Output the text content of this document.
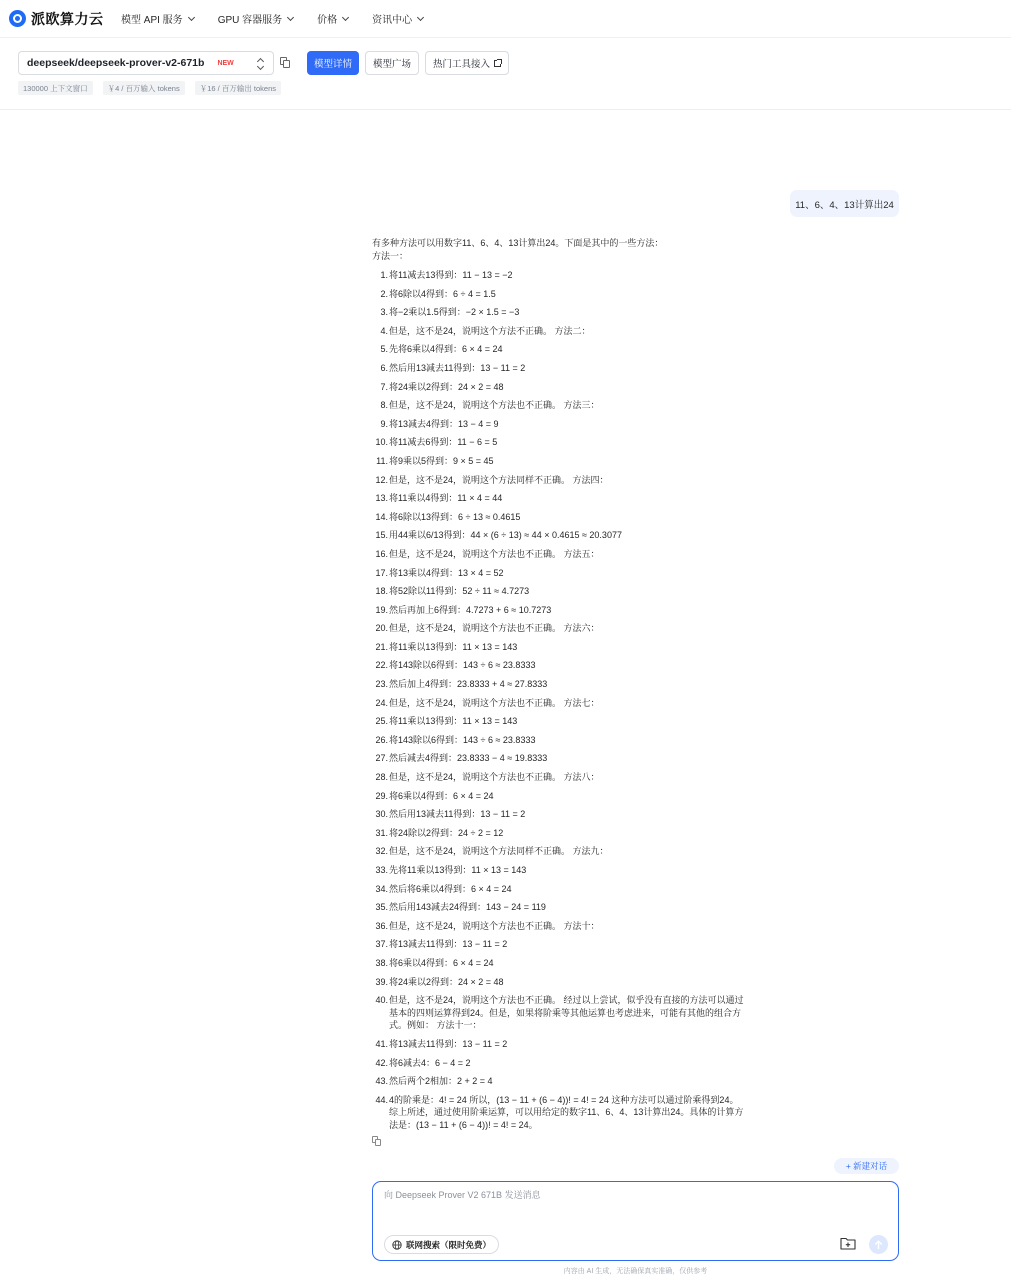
派欧算力云 模型 API 服务	GPU 容器服务	价格	资讯中心
deepseek/deepseek-prover-v2-671b NEW	模型详情	模型广场	热门工具接入
130000 上下文窗口	￥4 / 百万输入 tokens	￥16 / 百万输出 tokens
11、6、4、13计算出24
有多种方法可以用数字11、6、4、13计算出24。下面是其中的一些方法：
方法一：
1 . 将11减去13得到：11 − 13 = −2
2 . 将6除以4得到：6 ÷ 4 = 1.5
3 . 将−2乘以1.5得到：−2 × 1.5 = −3
4 . 但是，这不是24，说明这个方法不正确。 方法二：
5 . 先将6乘以4得到：6 × 4 = 24
6 . 然后用13减去11得到：13 − 11 = 2
7 . 将24乘以2得到：24 × 2 = 48
8 . 但是，这不是24，说明这个方法也不正确。 方法三：
9 . 将13减去4得到：13 − 4 = 9
10 . 将11减去6得到：11 − 6 = 5
11 . 将9乘以5得到：9 × 5 = 45
12 . 但是，这不是24，说明这个方法同样不正确。 方法四：
13 . 将11乘以4得到：11 × 4 = 44
14 . 将6除以13得到：6 ÷ 13 ≈ 0.4615
15 . 用44乘以6/13得到：44 × (6 ÷ 13) ≈ 44 × 0.4615 ≈ 20.3077
16 . 但是，这不是24，说明这个方法也不正确。 方法五：
17 . 将13乘以4得到：13 × 4 = 52
18 . 将52除以11得到：52 ÷ 11 ≈ 4.7273
19 . 然后再加上6得到：4.7273 + 6 ≈ 10.7273
20 . 但是，这不是24，说明这个方法也不正确。 方法六：
21 . 将11乘以13得到：11 × 13 = 143
22 . 将143除以6得到：143 ÷ 6 ≈ 23.8333
23 . 然后加上4得到：23.8333 + 4 ≈ 27.8333
24 . 但是，这不是24，说明这个方法也不正确。 方法七：
25 . 将11乘以13得到：11 × 13 = 143
26 . 将143除以6得到：143 ÷ 6 ≈ 23.8333
27 . 然后减去4得到：23.8333 − 4 ≈ 19.8333
28 . 但是，这不是24，说明这个方法也不正确。 方法八：
29 . 将6乘以4得到：6 × 4 = 24
30 . 然后用13减去11得到：13 − 11 = 2
31 . 将24除以2得到：24 ÷ 2 = 12
32 . 但是，这不是24，说明这个方法同样不正确。 方法九：
33 . 先将11乘以13得到：11 × 13 = 143
34 . 然后将6乘以4得到：6 × 4 = 24
35 . 然后用143减去24得到：143 − 24 = 119
36 . 但是，这不是24，说明这个方法也不正确。 方法十：
37 . 将13减去11得到：13 − 11 = 2
38 . 将6乘以4得到：6 × 4 = 24
39 . 将24乘以2得到：24 × 2 = 48
40 . 但是，这不是24，说明这个方法也不正确。 经过以上尝试，似乎没有直接的方法可以通过基本的四则运算得到24。但是，如果将阶乘等其他运算也考虑进来，可能有其他的组合方式。例如： 方法十一：
41 . 将13减去11得到：13 − 11 = 2
42 . 将6减去4：6 − 4 = 2
43 . 然后两个2相加：2 + 2 = 4
44 . 4的阶乘是：4! = 24 所以，(13 − 11 + (6 − 4))! = 4! = 24 这种方法可以通过阶乘得到24。 综上所述，通过使用阶乘运算，可以用给定的数字11、6、4、13计算出24。具体的计算方法是：(13 − 11 + (6 − 4))! = 4! = 24。
+ 新建对话
向 Deepseek Prover V2 671B 发送消息
联网搜索（限时免费）
内容由 AI 生成，无法确保真实准确，仅供参考
